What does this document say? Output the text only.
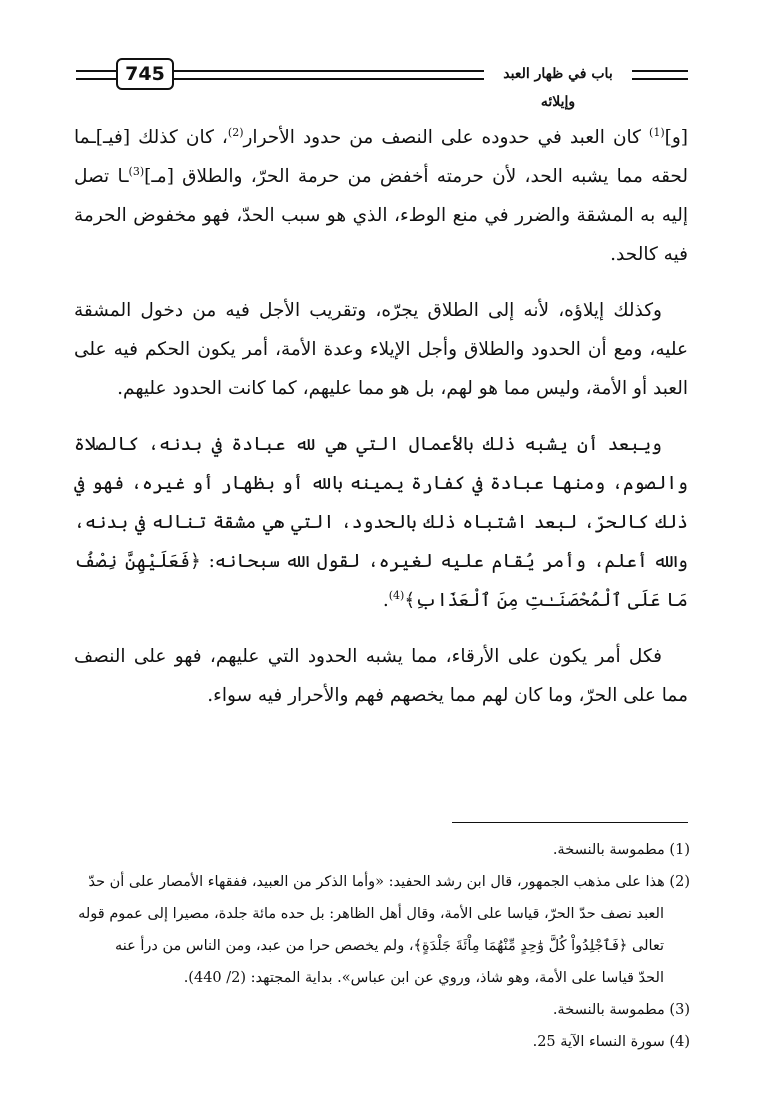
745	باب في ظهار العبد وإيلائه

[و]$^{(1)}$ كان العبد في حدوده على النصف من حدود الأحرار$^{(2)}$، كان كذلك [فيـ]ـما لحقه مما يشبه الحد، لأن حرمته أخفض من حرمة الحرّ، والطلاق [مـ]$^{(3)}$ـا تصل إليه به المشقة والضرر في منع الوطء، الذي هو سبب الحدّ، فهو مخفوض الحرمة فيه كالحد.

وكذلك إيلاؤه، لأنه إلى الطلاق يجرّه، وتقريب الأجل فيه من دخول المشقة عليه، ومع أن الحدود والطلاق وأجل الإيلاء وعدة الأمة، أمر يكون الحكم فيه على العبد أو الأمة، وليس مما هو لهم، بل هو مما عليهم، كما كانت الحدود عليهم.

ويبعد أن يشبه ذلك بالأعمال التي هي لله عبادة في بدنه، كالصلاة والصوم، ومنها عبادة في كفارة يمينه بالله أو بظهار أو غيره، فهو في ذلك كالحرّ، لبعد اشتباه ذلك بالحدود، التي هي مشقة تناله في بدنه، والله أعلم، وأمر يُقام عليه لغيره، لقول الله سبحانه: ﴿فَعَلَيْهِنَّ نِصْفُ مَا عَلَى ٱلْمُحْصَنَـٰتِ مِنَ ٱلْعَذَابِ﴾$^{(4)}$.

فكل أمر يكون على الأرقاء، مما يشبه الحدود التي عليهم، فهو على النصف مما على الحرّ، وما كان لهم مما يخصهم فهم والأحرار فيه سواء.

(1) مطموسة بالنسخة.

(2) هذا على مذهب الجمهور، قال ابن رشد الحفيد: «وأما الذكر من العبيد، ففقهاء الأمصار على أن حدّ

العبد نصف حدّ الحرّ، قياسا على الأمة، وقال أهل الظاهر: بل حده مائة جلدة، مصيرا إلى عموم قوله

تعالى ﴿فَٱجْلِدُواْ كُلَّ وَٰحِدٍ مِّنْهُمَا مِاْئَةَ جَلْدَةٍ﴾، ولم يخصص حرا من عبد، ومن الناس من درأ عنه

الحدّ قياسا على الأمة، وهو شاذ، وروي عن ابن عباس». بداية المجتهد: (2/ 440).

(3) مطموسة بالنسخة.

(4) سورة النساء الآية 25.
